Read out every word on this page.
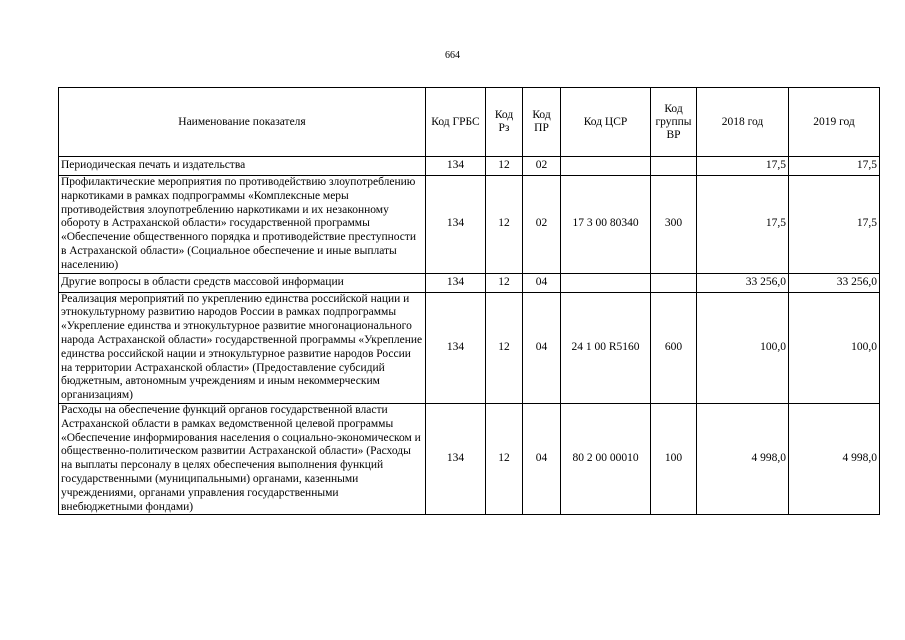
664
Наименование показателя	Код ГРБС	Код Рз	Код ПР	Код ЦСР	Код группы ВР	2018 год	2019 год
Периодическая печать и издательства	134	12	02			17,5	17,5
Профилактические мероприятия по противодействию злоупотреблению наркотиками в рамках подпрограммы «Комплексные меры противодействия злоупотреблению наркотиками и их незаконному обороту в Астраханской области» государственной программы «Обеспечение общественного порядка и противодействие преступности в Астраханской области» (Социальное обеспечение и иные выплаты населению)	134	12	02	17 3 00 80340	300	17,5	17,5
Другие вопросы в области средств массовой информации	134	12	04			33 256,0	33 256,0
Реализация мероприятий по укреплению единства российской нации и этнокультурному развитию народов России в рамках подпрограммы «Укрепление единства и этнокультурное развитие многонационального народа Астраханской области» государственной программы «Укрепление единства российской нации и этнокультурное развитие народов России на территории Астраханской области» (Предоставление субсидий бюджетным, автономным учреждениям и иным некоммерческим организациям)	134	12	04	24 1 00 R5160	600	100,0	100,0
Расходы на обеспечение функций органов государственной власти Астраханской области в рамках ведомственной целевой программы «Обеспечение информирования населения о социально-экономическом и общественно-политическом развитии Астраханской области» (Расходы на выплаты персоналу в целях обеспечения выполнения функций государственными (муниципальными) органами, казенными учреждениями, органами управления государственными внебюджетными фондами)	134	12	04	80 2 00 00010	100	4 998,0	4 998,0
